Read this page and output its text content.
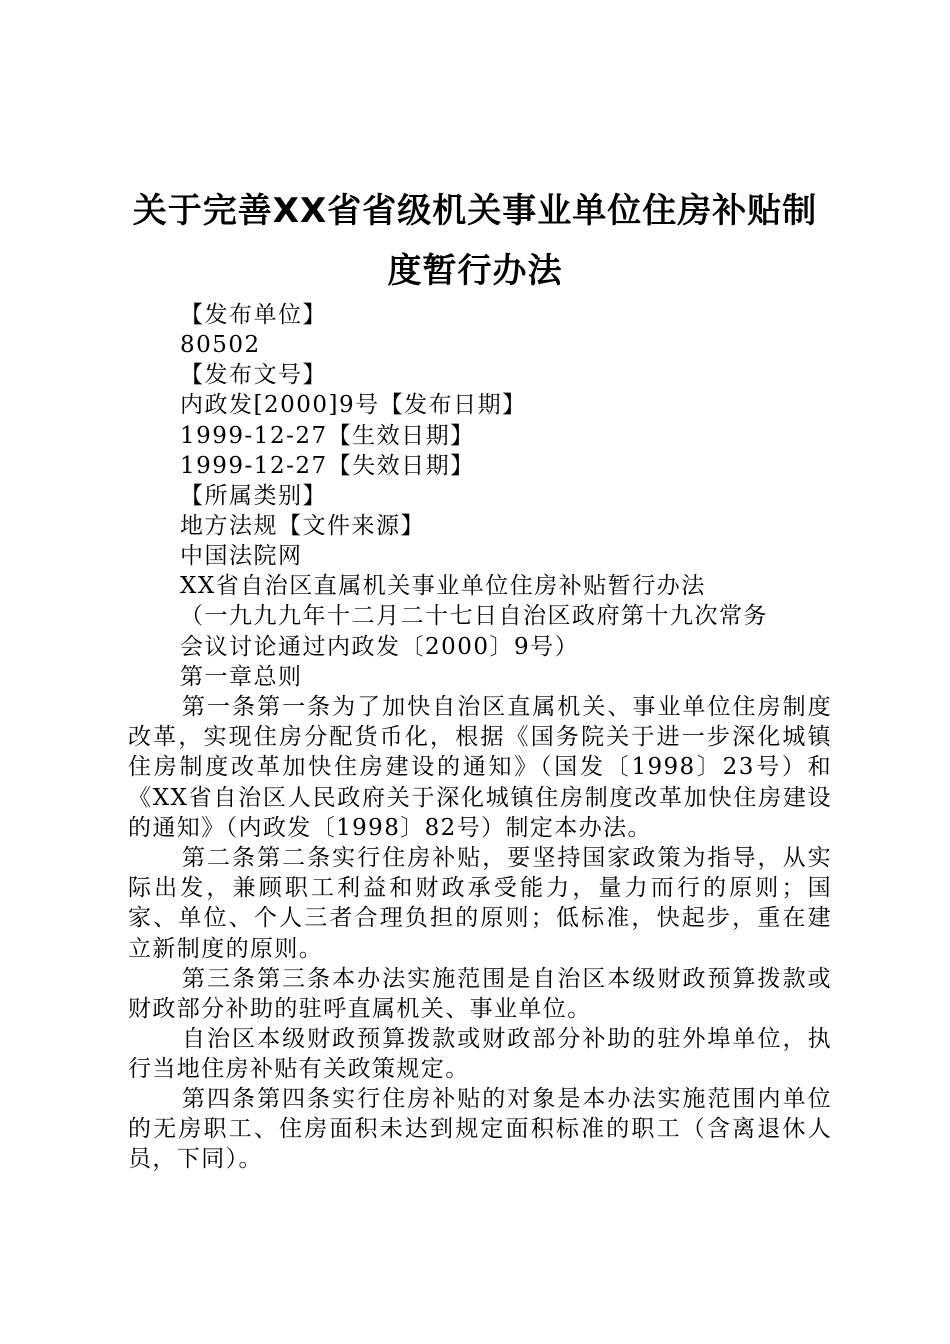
关于完善XX省省级机关事业单位住房补贴制
度暂行办法
【发布单位】
80502
【发布文号】
内政发[2000]9号【发布日期】
1999-12-27【生效日期】
1999-12-27【失效日期】
【所属类别】
地方法规【文件来源】
中国法院网
XX省自治区直属机关事业单位住房补贴暂行办法
（一九九九年十二月二十七日自治区政府第十九次常务
会议讨论通过内政发〔2000〕9号）
第一章总则

第一条第一条为了加快自治区直属机关、事业单位住房制度改革，实现住房分配货币化，根据《国务院关于进一步深化城镇住房制度改革加快住房建设的通知》（国发〔1998〕23号）和《XX省自治区人民政府关于深化城镇住房制度改革加快住房建设的通知》（内政发〔1998〕82号）制定本办法。

第二条第二条实行住房补贴，要坚持国家政策为指导，从实际出发，兼顾职工利益和财政承受能力，量力而行的原则；国家、单位、个人三者合理负担的原则；低标准，快起步，重在建立新制度的原则。

第三条第三条本办法实施范围是自治区本级财政预算拨款或财政部分补助的驻呼直属机关、事业单位。

自治区本级财政预算拨款或财政部分补助的驻外埠单位，执行当地住房补贴有关政策规定。

第四条第四条实行住房补贴的对象是本办法实施范围内单位的无房职工、住房面积未达到规定面积标准的职工（含离退休人员，下同）。
